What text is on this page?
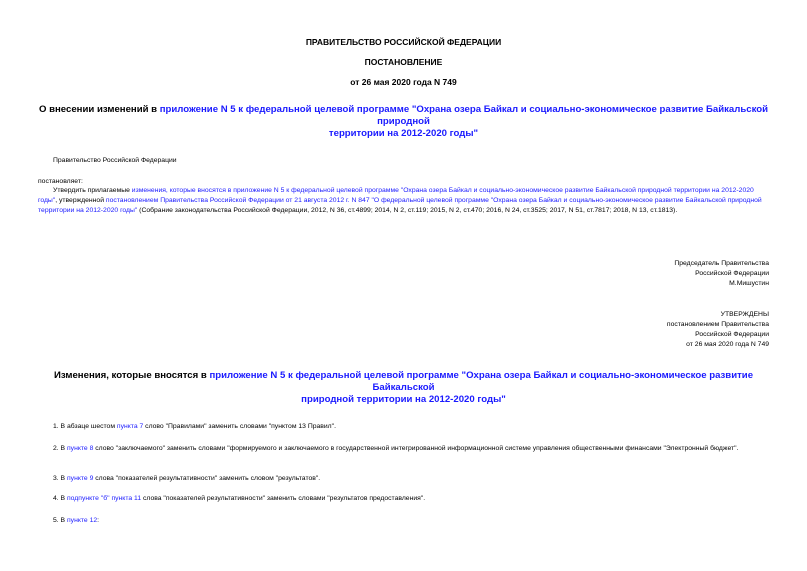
ПРАВИТЕЛЬСТВО РОССИЙСКОЙ ФЕДЕРАЦИИ
ПОСТАНОВЛЕНИЕ
от 26 мая 2020 года N 749
О внесении изменений в приложение N 5 к федеральной целевой программе "Охрана озера Байкал и социально-экономическое развитие Байкальской природной
территории на 2012-2020 годы"
Правительство Российской Федерации
постановляет:
Утвердить прилагаемые изменения, которые вносятся в приложение N 5 к федеральной целевой программе "Охрана озера Байкал и социально-экономическое развитие Байкальской природной территории на 2012-2020 годы", утвержденной постановлением Правительства Российской Федерации от 21 августа 2012 г. N 847 "О федеральной целевой программе "Охрана озера Байкал и социально-экономическое развитие Байкальской природной территории на 2012-2020 годы" (Собрание законодательства Российской Федерации, 2012, N 36, ст.4899; 2014, N 2, ст.119; 2015, N 2, ст.470; 2016, N 24, ст.3525; 2017, N 51, ст.7817; 2018, N 13, ст.1813).
Председатель Правительства
Российской Федерации
М.Мишустин
УТВЕРЖДЕНЫ
постановлением Правительства
Российской Федерации
от 26 мая 2020 года N 749
Изменения, которые вносятся в приложение N 5 к федеральной целевой программе "Охрана озера Байкал и социально-экономическое развитие Байкальской
природной территории на 2012-2020 годы"
1. В абзаце шестом пункта 7 слово "Правилами" заменить словами "пунктом 13 Правил".
2. В пункте 8 слово "заключаемого" заменить словами "формируемого и заключаемого в государственной интегрированной информационной системе управления общественными финансами "Электронный бюджет".
3. В пункте 9 слова "показателей результативности" заменить словом "результатов".
4. В подпункте "б" пункта 11 слова "показателей результативности" заменить словами "результатов предоставления".
5. В пункте 12:
